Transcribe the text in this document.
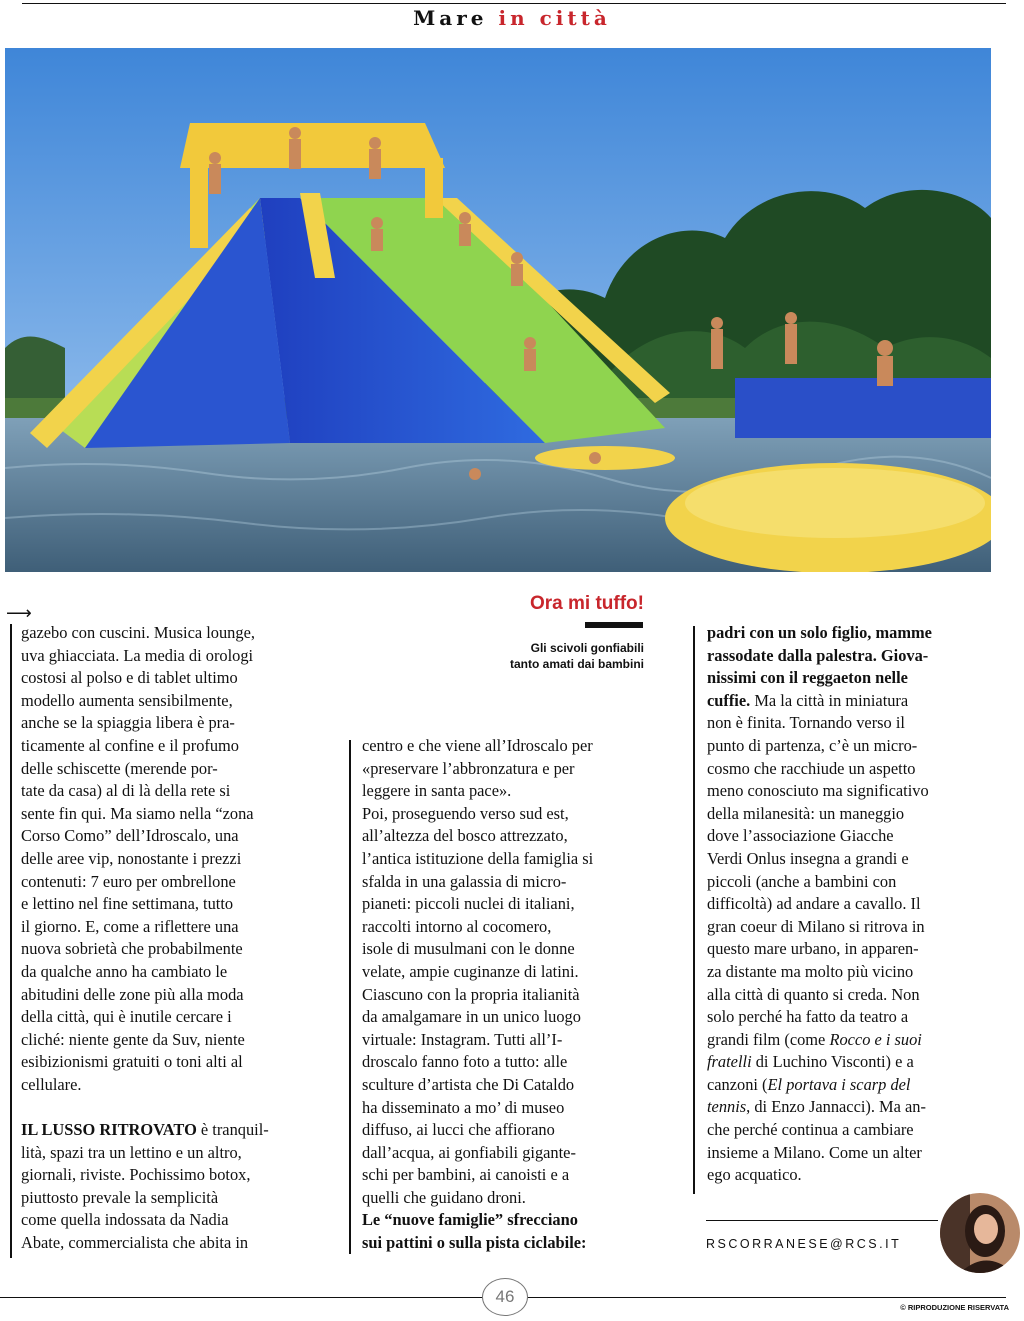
Mare in città
⟶

gazebo con cuscini. Musica lounge,

uva ghiacciata. La media di orologi

costosi al polso e di tablet ultimo

modello aumenta sensibilmente,

anche se la spiaggia libera è pra-

ticamente al confine e il profumo

delle schiscette (merende por-

tate da casa) al di là della rete si

sente fin qui. Ma siamo nella “zona

Corso Como” dell’Idroscalo, una

delle aree vip, nonostante i prezzi

contenuti: 7 euro per ombrellone

e lettino nel fine settimana, tutto

il giorno. E, come a riflettere una

nuova sobrietà che probabilmente

da qualche anno ha cambiato le

abitudini delle zone più alla moda

della città, qui è inutile cercare i

cliché: niente gente da Suv, niente

esibizionismi gratuiti o toni alti al

cellulare.

IL LUSSO RITROVATO è tranquil-

lità, spazi tra un lettino e un altro,

giornali, riviste. Pochissimo botox,

piuttosto prevale la semplicità

come quella indossata da Nadia

Abate, commercialista che abita in

Ora mi tuffo!
Gli scivoli gonfiabili
tanto amati dai bambini

centro e che viene all’Idroscalo per

«preservare l’abbronzatura e per

leggere in santa pace».

Poi, proseguendo verso sud est,

all’altezza del bosco attrezzato,

l’antica istituzione della famiglia si

sfalda in una galassia di micro-

pianeti: piccoli nuclei di italiani,

raccolti intorno al cocomero,

isole di musulmani con le donne

velate, ampie cuginanze di latini.

Ciascuno con la propria italianità

da amalgamare in un unico luogo

virtuale: Instagram. Tutti all’I-

droscalo fanno foto a tutto: alle

sculture d’artista che Di Cataldo

ha disseminato a mo’ di museo

diffuso, ai lucci che affiorano

dall’acqua, ai gonfiabili gigante-

schi per bambini, ai canoisti e a

quelli che guidano droni.

Le “nuove famiglie” sfrecciano

sui pattini o sulla pista ciclabile:

padri con un solo figlio, mamme

rassodate dalla palestra. Giova-

nissimi con il reggaeton nelle

cuffie. Ma la città in miniatura

non è finita. Tornando verso il

punto di partenza, c’è un micro-

cosmo che racchiude un aspetto

meno conosciuto ma significativo

della milanesità: un maneggio

dove l’associazione Giacche

Verdi Onlus insegna a grandi e

piccoli (anche a bambini con

difficoltà) ad andare a cavallo. Il

gran coeur di Milano si ritrova in

questo mare urbano, in apparen-

za distante ma molto più vicino

alla città di quanto si creda. Non

solo perché ha fatto da teatro a

grandi film (come Rocco e i suoi

fratelli di Luchino Visconti) e a

canzoni (El portava i scarp del

tennis, di Enzo Jannacci). Ma an-

che perché continua a cambiare

insieme a Milano. Come un alter

ego acquatico.

RSCORRANESE@RCS.IT
46
© RIPRODUZIONE RISERVATA
